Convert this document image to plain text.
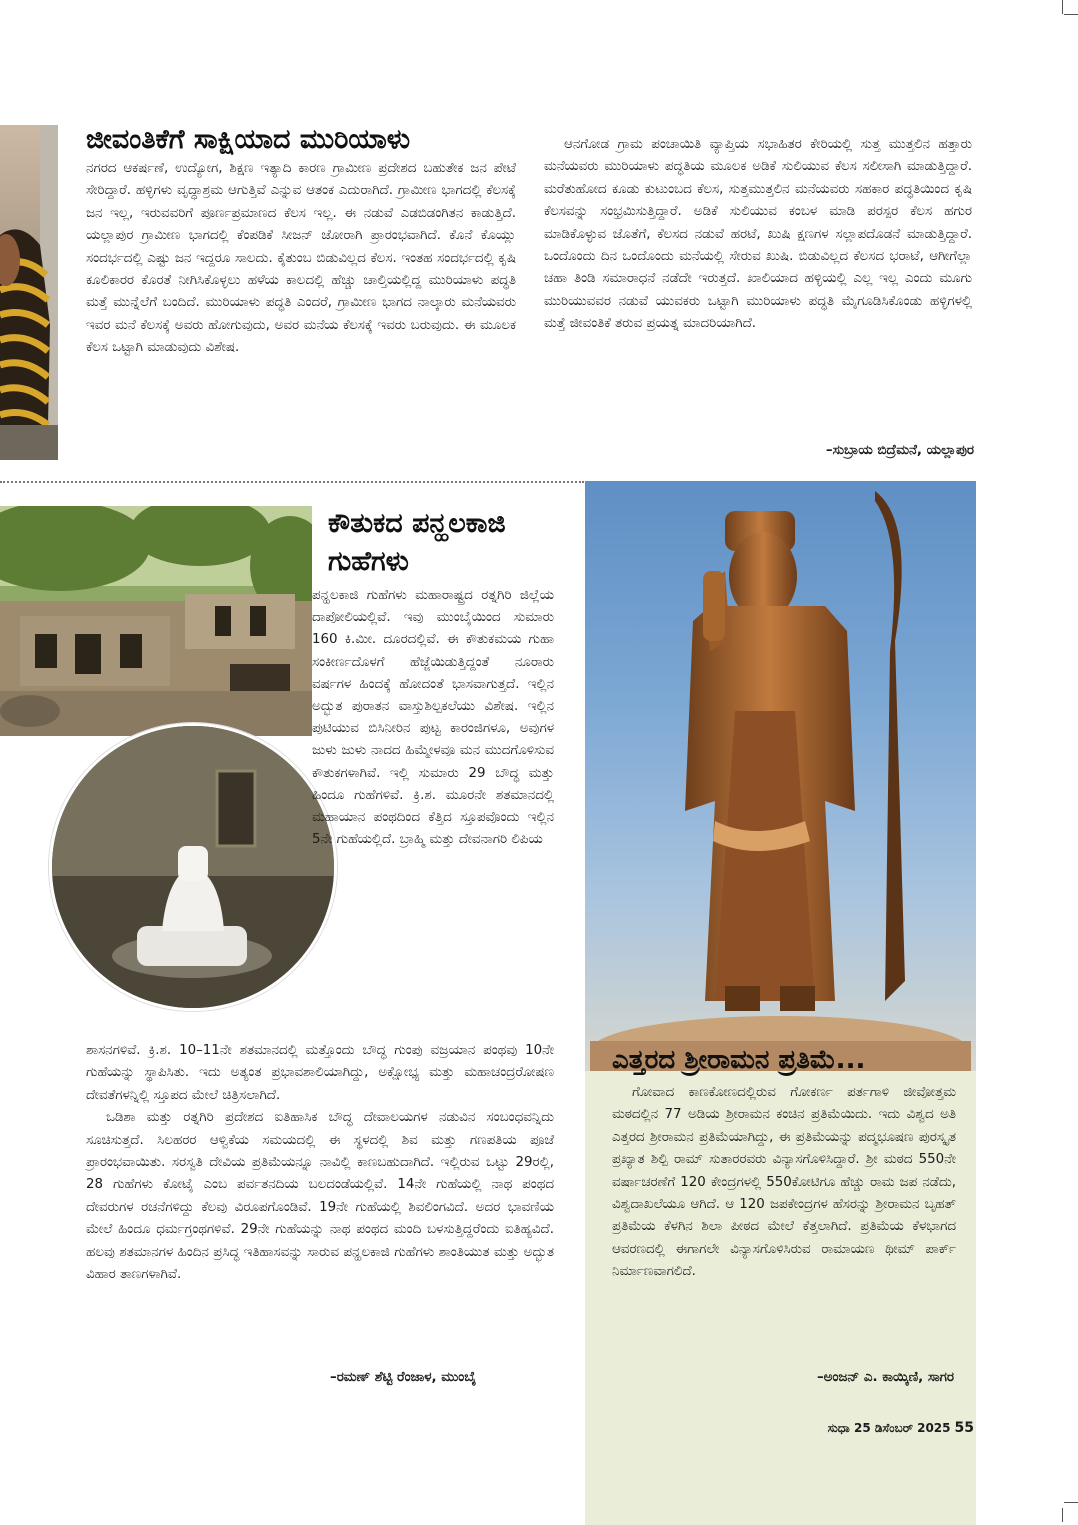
ಜೀವಂತಿಕೆಗೆ ಸಾಕ್ಷಿಯಾದ ಮುರಿಯಾಳು

ನಗರದ ಆಕರ್ಷಣೆ, ಉದ್ಯೋಗ, ಶಿಕ್ಷಣ ಇತ್ಯಾದಿ ಕಾರಣ ಗ್ರಾಮೀಣ ಪ್ರದೇಶದ ಬಹುತೇಕ ಜನ ಪೇಟೆ ಸೇರಿದ್ದಾರೆ. ಹಳ್ಳಿಗಳು ವೃದ್ಧಾಶ್ರಮ ಆಗುತ್ತಿವೆ ಎನ್ನುವ ಆತಂಕ ಎದುರಾಗಿದೆ. ಗ್ರಾಮೀಣ ಭಾಗದಲ್ಲಿ ಕೆಲಸಕ್ಕೆ ಜನ ಇಲ್ಲ, ಇರುವವರಿಗೆ ಪೂರ್ಣಪ್ರಮಾಣದ ಕೆಲಸ ಇಲ್ಲ. ಈ ನಡುವೆ ಎಡಬಿಡಂಗಿತನ ಕಾಡುತ್ತಿದೆ. ಯಲ್ಲಾಪುರ ಗ್ರಾಮೀಣ ಭಾಗದಲ್ಲಿ ಕೆಂಪಡಿಕೆ ಸೀಜನ್ ಜೋರಾಗಿ ಪ್ರಾರಂಭವಾಗಿದೆ. ಕೊನೆ ಕೊಯ್ಲು ಸಂದರ್ಭದಲ್ಲಿ ಎಷ್ಟು ಜನ ಇದ್ದರೂ ಸಾಲದು. ಕೈತುಂಬ ಬಿಡುವಿಲ್ಲದ ಕೆಲಸ. ಇಂತಹ ಸಂದರ್ಭದಲ್ಲಿ ಕೃಷಿ ಕೂಲಿಕಾರರ ಕೊರತೆ ನೀಗಿಸಿಕೊಳ್ಳಲು ಹಳೆಯ ಕಾಲದಲ್ಲಿ ಹೆಚ್ಚು ಚಾಲ್ತಿಯಲ್ಲಿದ್ದ ಮುರಿಯಾಳು ಪದ್ಧತಿ ಮತ್ತೆ ಮುನ್ನೆಲೆಗೆ ಬಂದಿದೆ. ಮುರಿಯಾಳು ಪದ್ಧತಿ ಎಂದರೆ, ಗ್ರಾಮೀಣ ಭಾಗದ ನಾಲ್ಕಾರು ಮನೆಯವರು ಇವರ ಮನೆ ಕೆಲಸಕ್ಕೆ ಅವರು ಹೋಗುವುದು, ಅವರ ಮನೆಯ ಕೆಲಸಕ್ಕೆ ಇವರು ಬರುವುದು. ಈ ಮೂಲಕ ಕೆಲಸ ಒಟ್ಟಾಗಿ ಮಾಡುವುದು ವಿಶೇಷ.

ಆನಗೋಡ ಗ್ರಾಮ ಪಂಚಾಯಿತಿ ವ್ಯಾಪ್ತಿಯ ಸಭಾಹಿತರ ಕೇರಿಯಲ್ಲಿ ಸುತ್ತ ಮುತ್ತಲಿನ ಹತ್ತಾರು ಮನೆಯವರು ಮುರಿಯಾಳು ಪದ್ಧತಿಯ ಮೂಲಕ ಅಡಿಕೆ ಸುಲಿಯುವ ಕೆಲಸ ಸಲೀಸಾಗಿ ಮಾಡುತ್ತಿದ್ದಾರೆ. ಮರೆತುಹೋದ ಕೂಡು ಕುಟುಂಬದ ಕೆಲಸ, ಸುತ್ತಮುತ್ತಲಿನ ಮನೆಯವರು ಸಹಕಾರ ಪದ್ಧತಿಯಿಂದ ಕೃಷಿ ಕೆಲಸವನ್ನು ಸಂಭ್ರಮಿಸುತ್ತಿದ್ದಾರೆ. ಅಡಿಕೆ ಸುಲಿಯುವ ಕಂಬಳ ಮಾಡಿ ಪರಸ್ಪರ ಕೆಲಸ ಹಗುರ ಮಾಡಿಕೊಳ್ಳುವ ಜೊತೆಗೆ, ಕೆಲಸದ ನಡುವೆ ಹರಟೆ, ಖುಷಿ ಕ್ಷಣಗಳ ಸಲ್ಲಾಪದೊಡನೆ ಮಾಡುತ್ತಿದ್ದಾರೆ. ಒಂದೊಂದು ದಿನ ಒಂದೊಂದು ಮನೆಯಲ್ಲಿ ಸೇರುವ ಖುಷಿ. ಬಿಡುವಿಲ್ಲದ ಕೆಲಸದ ಭರಾಟೆ, ಆಗೀಗೆಲ್ಲಾ ಚಹಾ ತಿಂಡಿ ಸಮಾರಾಧನೆ ನಡೆದೇ ಇರುತ್ತದೆ. ಖಾಲಿಯಾದ ಹಳ್ಳಿಯಲ್ಲಿ ಎಲ್ಲ ಇಲ್ಲ ಎಂದು ಮೂಗು ಮುರಿಯುವವರ ನಡುವೆ ಯುವಕರು ಒಟ್ಟಾಗಿ ಮುರಿಯಾಳು ಪದ್ಧತಿ ಮೈಗೂಡಿಸಿಕೊಂಡು ಹಳ್ಳಿಗಳಲ್ಲಿ ಮತ್ತೆ ಜೀವಂತಿಕೆ ತರುವ ಪ್ರಯತ್ನ ಮಾದರಿಯಾಗಿದೆ.

–ಸುಬ್ರಾಯ ಬಿದ್ರೆಮನೆ, ಯಲ್ಲಾಪುರ
ಕೌತುಕದ ಪನ್ಹಲಕಾಜಿ
ಗುಹೆಗಳು

ಪನ್ಹಲಕಾಜಿ ಗುಹೆಗಳು ಮಹಾರಾಷ್ಟ್ರದ ರತ್ನಗಿರಿ ಜಿಲ್ಲೆಯ ದಾಪೋಲಿಯಲ್ಲಿವೆ. ಇವು ಮುಂಬೈಯಿಂದ ಸುಮಾರು 160 ಕಿ.ಮೀ. ದೂರದಲ್ಲಿವೆ. ಈ ಕೌತುಕಮಯ ಗುಹಾ ಸಂಕೀರ್ಣದೊಳಗೆ ಹೆಜ್ಜೆಯಿಡುತ್ತಿದ್ದಂತೆ ನೂರಾರು ವರ್ಷಗಳ ಹಿಂದಕ್ಕೆ ಹೋದಂತೆ ಭಾಸವಾಗುತ್ತದೆ. ಇಲ್ಲಿನ ಅದ್ಭುತ ಪುರಾತನ ವಾಸ್ತುಶಿಲ್ಪಕಲೆಯು ವಿಶೇಷ. ಇಲ್ಲಿನ ಪುಟಿಯುವ ಬಿಸಿನೀರಿನ ಪುಟ್ಟ ಕಾರಂಜಿಗಳೂ, ಅವುಗಳ ಜುಳು ಜುಳು ನಾದದ ಹಿಮ್ಮೇಳವೂ ಮನ ಮುದಗೊಳಿಸುವ ಕೌತುಕಗಳಾಗಿವೆ. ಇಲ್ಲಿ ಸುಮಾರು 29 ಬೌದ್ಧ ಮತ್ತು ಹಿಂದೂ ಗುಹೆಗಳಿವೆ. ಕ್ರಿ.ಶ. ಮೂರನೇ ಶತಮಾನದಲ್ಲಿ ಮಹಾಯಾನ ಪಂಥದಿಂದ ಕೆತ್ತಿದ ಸ್ತೂಪವೊಂದು ಇಲ್ಲಿನ 5ನೇ ಗುಹೆಯಲ್ಲಿದೆ. ಬ್ರಾಹ್ಮಿ ಮತ್ತು ದೇವನಾಗರಿ ಲಿಪಿಯ

ಶಾಸನಗಳಿವೆ. ಕ್ರಿ.ಶ. 10–11ನೇ ಶತಮಾನದಲ್ಲಿ ಮತ್ತೊಂದು ಬೌದ್ಧ ಗುಂಪು ವಜ್ರಯಾನ ಪಂಥವು 10ನೇ ಗುಹೆಯನ್ನು ಸ್ಥಾಪಿಸಿತು. ಇದು ಅತ್ಯಂತ ಪ್ರಭಾವಶಾಲಿಯಾಗಿದ್ದು, ಅಕ್ಷೋಭ್ಯ ಮತ್ತು ಮಹಾಚಂದ್ರರೋಷಣ ದೇವತೆಗಳನ್ನಿಲ್ಲಿ ಸ್ತೂಪದ ಮೇಲೆ ಚಿತ್ರಿಸಲಾಗಿದೆ.

ಒಡಿಶಾ ಮತ್ತು ರತ್ನಗಿರಿ ಪ್ರದೇಶದ ಐತಿಹಾಸಿಕ ಬೌದ್ಧ ದೇವಾಲಯಗಳ ನಡುವಿನ ಸಂಬಂಧವನ್ನಿದು ಸೂಚಿಸುತ್ತದೆ. ಸಿಲಹರರ ಆಳ್ವಿಕೆಯ ಸಮಯದಲ್ಲಿ ಈ ಸ್ಥಳದಲ್ಲಿ ಶಿವ ಮತ್ತು ಗಣಪತಿಯ ಪೂಜೆ ಪ್ರಾರಂಭವಾಯಿತು. ಸರಸ್ವತಿ ದೇವಿಯ ಪ್ರತಿಮೆಯನ್ನೂ ನಾವಿಲ್ಲಿ ಕಾಣಬಹುದಾಗಿದೆ. ಇಲ್ಲಿರುವ ಒಟ್ಟು 29ರಲ್ಲಿ, 28 ಗುಹೆಗಳು ಕೋಟೈ ಎಂಬ ಪರ್ವತನದಿಯ ಬಲದಂಡೆಯಲ್ಲಿವೆ. 14ನೇ ಗುಹೆಯಲ್ಲಿ ನಾಥ ಪಂಥದ ದೇವರುಗಳ ರಚನೆಗಳಿದ್ದು ಕೆಲವು ವಿರೂಪಗೊಂಡಿವೆ. 19ನೇ ಗುಹೆಯಲ್ಲಿ ಶಿವಲಿಂಗವಿದೆ. ಅದರ ಭಾವಣಿಯ ಮೇಲೆ ಹಿಂದೂ ಧರ್ಮಗ್ರಂಥಗಳಿವೆ. 29ನೇ ಗುಹೆಯನ್ನು ನಾಥ ಪಂಥದ ಮಂದಿ ಬಳಸುತ್ತಿದ್ದರೆಂದು ಐತಿಹ್ಯವಿದೆ. ಹಲವು ಶತಮಾನಗಳ ಹಿಂದಿನ ಪ್ರಸಿದ್ಧ ಇತಿಹಾಸವನ್ನು ಸಾರುವ ಪನ್ಹಲಕಾಜಿ ಗುಹೆಗಳು ಶಾಂತಿಯುತ ಮತ್ತು ಅದ್ಭುತ ವಿಹಾರ ತಾಣಗಳಾಗಿವೆ.

–ರಮಣ್ ಶೆಟ್ಟಿ ರೆಂಜಾಳ, ಮುಂಬೈ
ಎತ್ತರದ ಶ್ರೀರಾಮನ ಪ್ರತಿಮೆ...

ಗೋವಾದ ಕಾಣಕೋಣದಲ್ಲಿರುವ ಗೋಕರ್ಣ ಪರ್ತಗಾಳಿ ಜೀವೋತ್ತಮ ಮಠದಲ್ಲಿನ 77 ಅಡಿಯ ಶ್ರೀರಾಮನ ಕಂಚಿನ ಪ್ರತಿಮೆಯಿದು. ಇದು ವಿಶ್ವದ ಅತಿ ಎತ್ತರದ ಶ್ರೀರಾಮನ ಪ್ರತಿಮೆಯಾಗಿದ್ದು, ಈ ಪ್ರತಿಮೆಯನ್ನು ಪದ್ಮಭೂಷಣ ಪುರಸ್ಕೃತ ಪ್ರಖ್ಯಾತ ಶಿಲ್ಪಿ ರಾಮ್ ಸುತಾರರವರು ವಿನ್ಯಾಸಗೊಳಿಸಿದ್ದಾರೆ. ಶ್ರೀ ಮಠದ 550ನೇ ವರ್ಷಾಚರಣೆಗೆ 120 ಕೇಂದ್ರಗಳಲ್ಲಿ 550ಕೋಟಿಗೂ ಹೆಚ್ಚು ರಾಮ ಜಪ ನಡೆದು, ವಿಶ್ವದಾಖಲೆಯೂ ಆಗಿದೆ. ಆ 120 ಜಪಕೇಂದ್ರಗಳ ಹೆಸರನ್ನು ಶ್ರೀರಾಮನ ಬೃಹತ್ ಪ್ರತಿಮೆಯ ಕೆಳಗಿನ ಶಿಲಾ ಪೀಠದ ಮೇಲೆ ಕೆತ್ತಲಾಗಿದೆ. ಪ್ರತಿಮೆಯ ಕೆಳಭಾಗದ ಆವರಣದಲ್ಲಿ ಈಗಾಗಲೇ ವಿನ್ಯಾಸಗೊಳಿಸಿರುವ ರಾಮಾಯಣ ಥೀಮ್ ಪಾರ್ಕ್ ನಿರ್ಮಾಣವಾಗಲಿದೆ.

–ಅಂಜನ್ ಎ. ಕಾಯ್ಕಿಣಿ, ಸಾಗರ
ಸುಧಾ 25 ಡಿಸೆಂಬರ್ 2025 55
